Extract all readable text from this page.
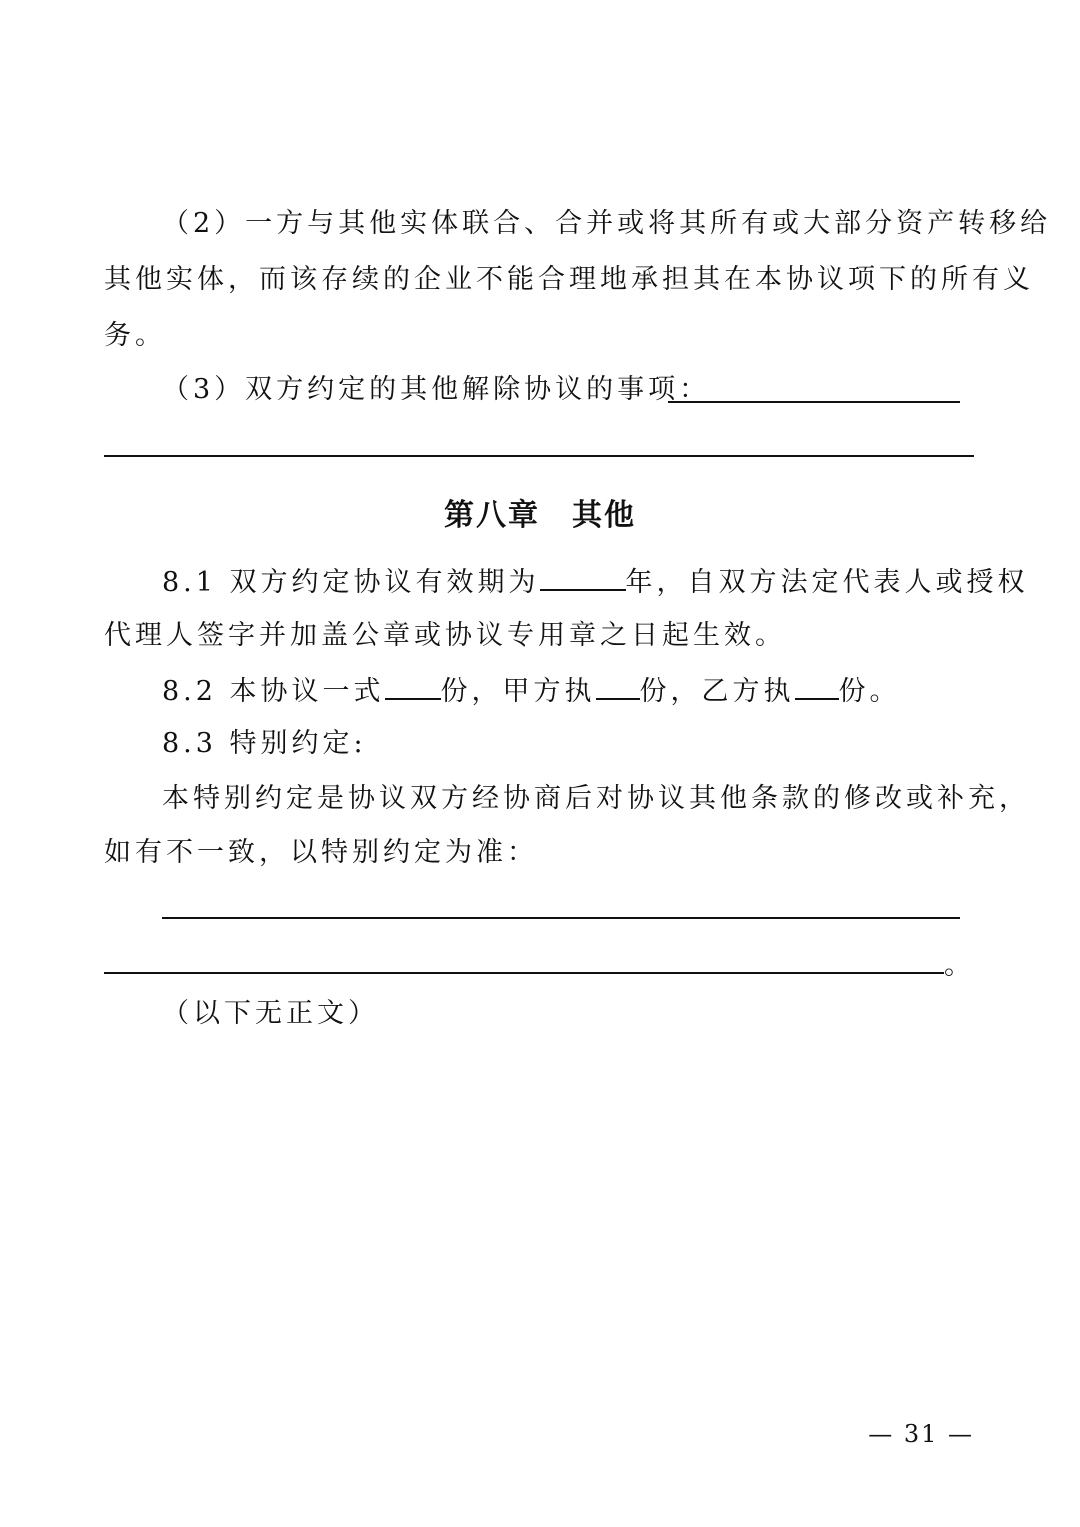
（2）一方与其他实体联合、合并或将其所有或大部分资产转移给
其他实体，而该存续的企业不能合理地承担其在本协议项下的所有义
务。
（3）双方约定的其他解除协议的事项：
第八章　其他
8.1 双方约定协议有效期为	年，自双方法定代表人或授权
代理人签字并加盖公章或协议专用章之日起生效。
8.2 本协议一式 份，甲方执 份，乙方执 份。
8.3 特别约定:
本特别约定是协议双方经协商后对协议其他条款的修改或补充，
如有不一致，以特别约定为准：
。
（以下无正文）
— 31 —
